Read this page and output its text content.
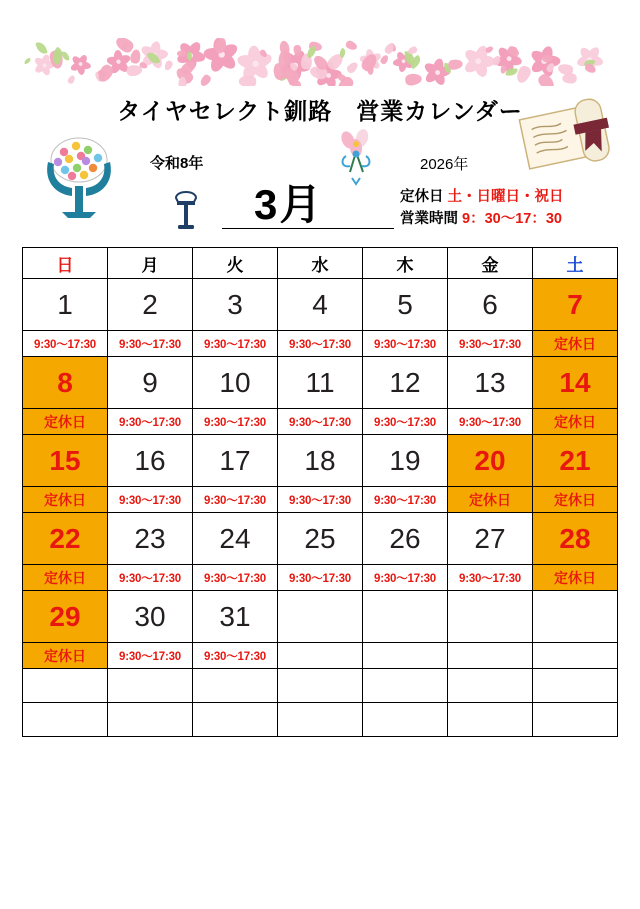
タイヤセレクト釧路　営業カレンダー
令和8年	2026年
3月	定休日 土・日曜日・祝日
営業時間 9：30～17：30
日	月	火	水	木	金	土
1	2	3	4	5	6	7
9:30～17:30	9:30～17:30	9:30～17:30	9:30～17:30	9:30～17:30	9:30～17:30	定休日
8	9	10	11	12	13	14
定休日	9:30～17:30	9:30～17:30	9:30～17:30	9:30～17:30	9:30～17:30	定休日
15	16	17	18	19	20	21
定休日	9:30～17:30	9:30～17:30	9:30～17:30	9:30～17:30	定休日	定休日
22	23	24	25	26	27	28
定休日	9:30～17:30	9:30～17:30	9:30～17:30	9:30～17:30	9:30～17:30	定休日
29	30	31				
定休日	9:30～17:30	9:30～17:30				
